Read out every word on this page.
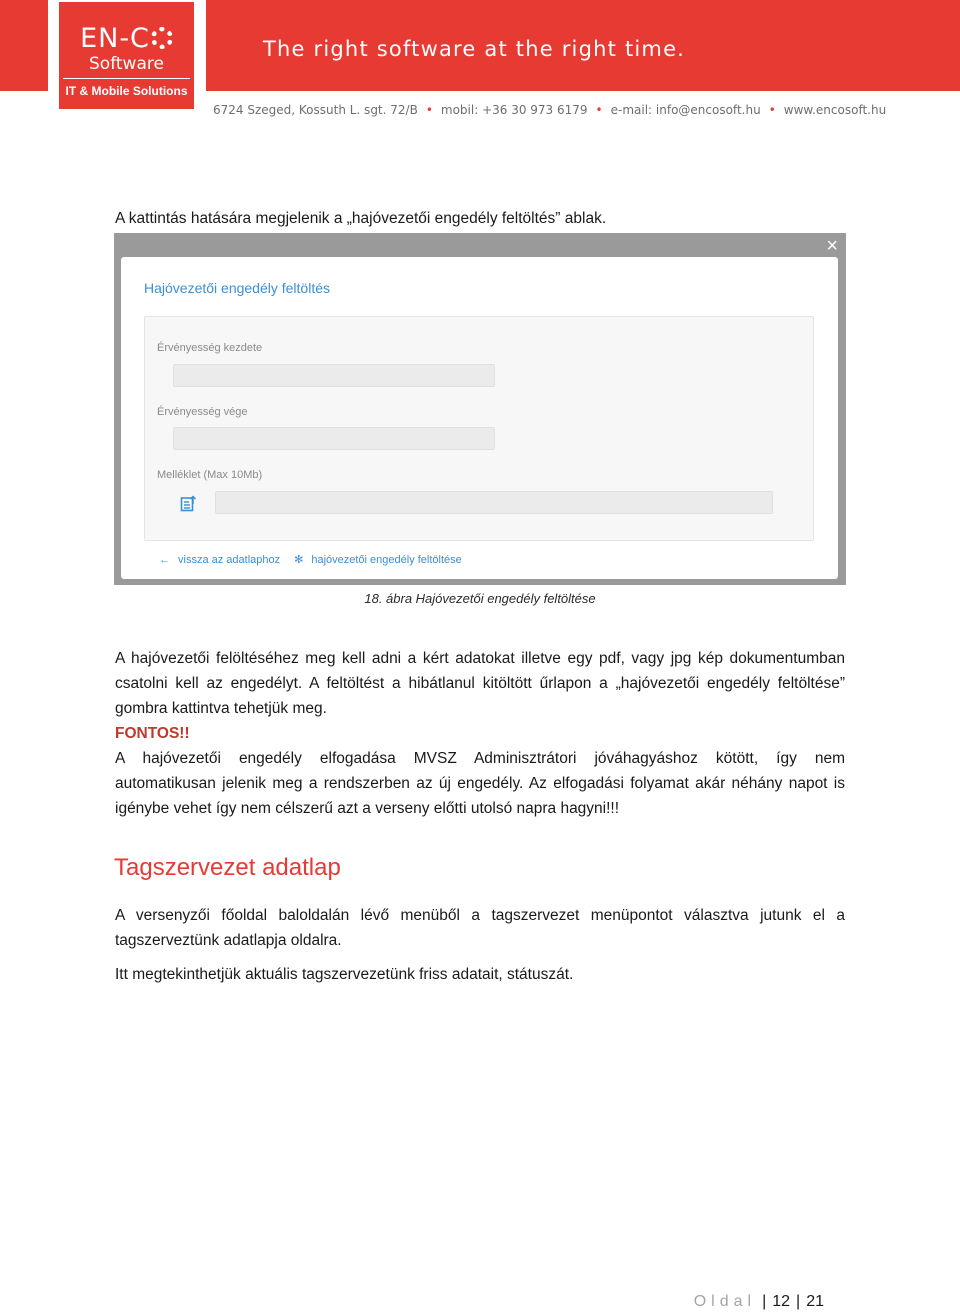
EN-C
Software
IT & Mobile Solutions
The right software at the right time.
6724 Szeged, Kossuth L. sgt. 72/B • mobil: +36 30 973 6179 • e-mail: info@encosoft.hu • www.encosoft.hu
A kattintás hatására megjelenik a „hajóvezetői engedély feltöltés” ablak.
×
Hajóvezetői engedély feltöltés
Érvényesség kezdete
Érvényesség vége
Melléklet (Max 10Mb)
← vissza az adatlaphoz ✻ hajóvezetői engedély feltöltése
18. ábra Hajóvezetői engedély feltöltése
A hajóvezetői felöltéséhez meg kell adni a kért adatokat illetve egy pdf, vagy jpg kép dokumentumban
csatolni kell az engedélyt. A feltöltést a hibátlanul kitöltött űrlapon a „hajóvezetői engedély feltöltése”
gombra kattintva tehetjük meg.
FONTOS!!
A hajóvezetői engedély elfogadása MVSZ Adminisztrátori jóváhagyáshoz kötött, így nem
automatikusan jelenik meg a rendszerben az új engedély. Az elfogadási folyamat akár néhány napot is
igénybe vehet így nem célszerű azt a verseny előtti utolsó napra hagyni!!!
Tagszervezet adatlap
A versenyzői főoldal baloldalán lévő menüből a tagszervezet menüpontot választva jutunk el a
tagszerveztünk adatlapja oldalra.
Itt megtekinthetjük aktuális tagszervezetünk friss adatait, státuszát.
Oldal | 12 | 21
